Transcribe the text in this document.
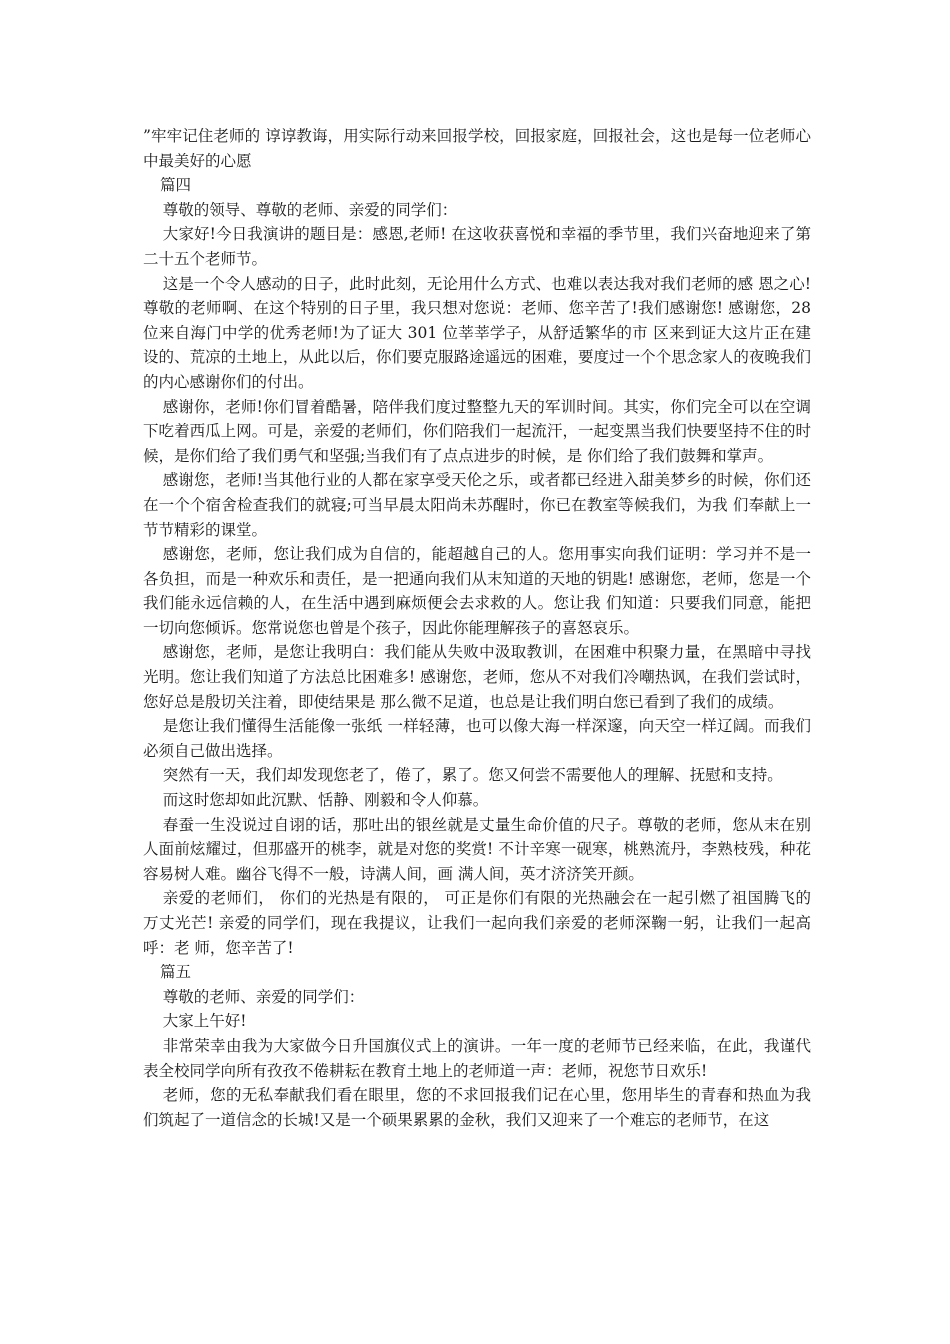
”牢牢记住老师的 谆谆教诲，用实际行动来回报学校，回报家庭，回报社会，这也是每一位老师心中最美好的心愿

篇四

尊敬的领导、尊敬的老师、亲爱的同学们：

大家好!今日我演讲的题目是：感恩,老师! 在这收获喜悦和幸福的季节里，我们兴奋地迎来了第二十五个老师节。

这是一个令人感动的日子，此时此刻，无论用什么方式、也难以表达我对我们老师的感 恩之心!尊敬的老师啊、在这个特别的日子里，我只想对您说：老师、您辛苦了!我们感谢您! 感谢您，28 位来自海门中学的优秀老师!为了证大 301 位莘莘学子，从舒适繁华的市 区来到证大这片正在建设的、荒凉的土地上，从此以后，你们要克服路途遥远的困难，要度过一个个思念家人的夜晚我们的内心感谢你们的付出。

感谢你，老师!你们冒着酷暑，陪伴我们度过整整九天的军训时间。其实，你们完全可以在空调下吃着西瓜上网。可是，亲爱的老师们，你们陪我们一起流汗，一起变黑当我们快要坚持不住的时候，是你们给了我们勇气和坚强;当我们有了点点进步的时候，是 你们给了我们鼓舞和掌声。

感谢您，老师!当其他行业的人都在家享受天伦之乐，或者都已经进入甜美梦乡的时候，你们还在一个个宿舍检查我们的就寝;可当早晨太阳尚未苏醒时，你已在教室等候我们，为我 们奉献上一节节精彩的课堂。

感谢您，老师，您让我们成为自信的，能超越自己的人。您用事实向我们证明：学习并不是一各负担，而是一种欢乐和责任，是一把通向我们从末知道的天地的钥匙! 感谢您，老师，您是一个我们能永远信赖的人，在生活中遇到麻烦便会去求救的人。您让我 们知道：只要我们同意，能把一切向您倾诉。您常说您也曾是个孩子，因此你能理解孩子的喜怒哀乐。

感谢您，老师，是您让我明白：我们能从失败中汲取教训，在困难中积聚力量，在黑暗中寻找光明。您让我们知道了方法总比困难多! 感谢您，老师，您从不对我们冷嘲热讽，在我们尝试时，您好总是殷切关注着，即使结果是 那么微不足道，也总是让我们明白您已看到了我们的成绩。

是您让我们懂得生活能像一张纸 一样轻薄，也可以像大海一样深邃，向天空一样辽阔。而我们必须自己做出选择。

突然有一天，我们却发现您老了，倦了，累了。您又何尝不需要他人的理解、抚慰和支持。

而这时您却如此沉默、恬静、刚毅和令人仰慕。

春蚕一生没说过自诩的话，那吐出的银丝就是丈量生命价值的尺子。尊敬的老师，您从末在别人面前炫耀过，但那盛开的桃李，就是对您的奖赏! 不计辛寒一砚寒，桃熟流丹，李熟枝残，种花容易树人难。幽谷飞得不一般，诗满人间，画 满人间，英才济济笑开颜。

亲爱的老师们， 你们的光热是有限的， 可正是你们有限的光热融会在一起引燃了祖国腾飞的 万丈光芒! 亲爱的同学们，现在我提议，让我们一起向我们亲爱的老师深鞠一躬，让我们一起高呼：老 师，您辛苦了!

篇五

尊敬的老师、亲爱的同学们：

大家上午好!

非常荣幸由我为大家做今日升国旗仪式上的演讲。一年一度的老师节已经来临，在此，我谨代表全校同学向所有孜孜不倦耕耘在教育土地上的老师道一声：老师，祝您节日欢乐!

老师，您的无私奉献我们看在眼里，您的不求回报我们记在心里，您用毕生的青春和热血为我们筑起了一道信念的长城!又是一个硕果累累的金秋，我们又迎来了一个难忘的老师节，在这
